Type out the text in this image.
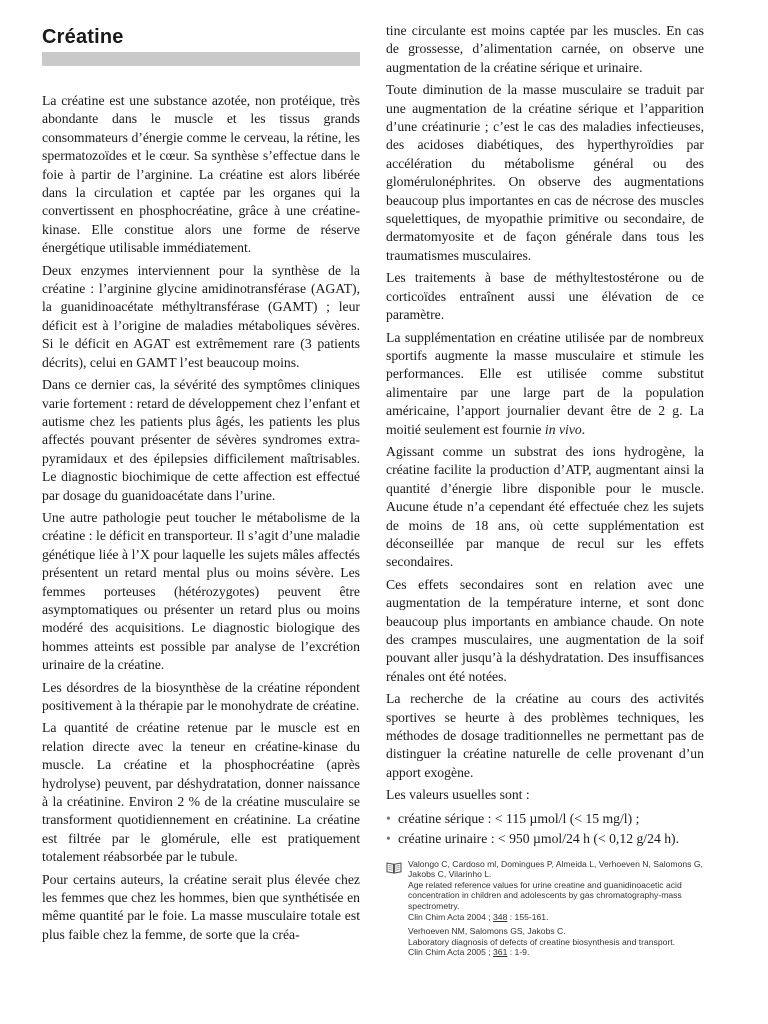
Créatine

La créatine est une substance azotée, non protéique, très abondante dans le muscle et les tissus grands consommateurs d’énergie comme le cerveau, la rétine, les spermatozoïdes et le cœur. Sa synthèse s’effectue dans le foie à partir de l’arginine. La créatine est alors libérée dans la circulation et captée par les organes qui la convertissent en phosphocréatine, grâce à une créatine-kinase. Elle constitue alors une forme de réserve énergétique utilisable immédiatement.

Deux enzymes interviennent pour la synthèse de la créatine : l’arginine glycine amidinotransférase (AGAT), la guanidinoacétate méthyltransférase (GAMT) ; leur déficit est à l’origine de maladies métaboliques sévères. Si le déficit en AGAT est extrêmement rare (3 patients décrits), celui en GAMT l’est beaucoup moins.

Dans ce dernier cas, la sévérité des symptômes cliniques varie fortement : retard de développement chez l’enfant et autisme chez les patients plus âgés, les patients les plus affectés pouvant présenter de sévères syndromes extra-pyramidaux et des épilepsies difficilement maîtrisables. Le diagnostic biochimique de cette affection est effectué par dosage du guanidoacétate dans l’urine.

Une autre pathologie peut toucher le métabolisme de la créatine : le déficit en transporteur. Il s’agit d’une maladie génétique liée à l’X pour laquelle les sujets mâles affectés présentent un retard mental plus ou moins sévère. Les femmes porteuses (hétérozygotes) peuvent être asymptomatiques ou présenter un retard plus ou moins modéré des acquisitions. Le diagnostic biologique des hommes atteints est possible par analyse de l’excrétion urinaire de la créatine.

Les désordres de la biosynthèse de la créatine répondent positivement à la thérapie par le monohydrate de créatine.

La quantité de créatine retenue par le muscle est en relation directe avec la teneur en créatine-kinase du muscle. La créatine et la phosphocréatine (après hydrolyse) peuvent, par déshydratation, donner naissance à la créatinine. Environ 2 % de la créatine musculaire se transforment quotidiennement en créatinine. La créatine est filtrée par le glomérule, elle est pratiquement totalement réabsorbée par le tubule.

Pour certains auteurs, la créatine serait plus élevée chez les femmes que chez les hommes, bien que synthétisée en même quantité par le foie. La masse musculaire totale est plus faible chez la femme, de sorte que la créa-

tine circulante est moins captée par les muscles. En cas de grossesse, d’alimentation carnée, on observe une augmentation de la créatine sérique et urinaire.

Toute diminution de la masse musculaire se traduit par une augmentation de la créatine sérique et l’apparition d’une créatinurie ; c’est le cas des maladies infectieuses, des acidoses diabétiques, des hyperthyroïdies par accélération du métabolisme général ou des glomérulonéphrites. On observe des augmentations beaucoup plus importantes en cas de nécrose des muscles squelettiques, de myopathie primitive ou secondaire, de dermatomyosite et de façon générale dans tous les traumatismes musculaires.

Les traitements à base de méthyltestostérone ou de corticoïdes entraînent aussi une élévation de ce paramètre.

La supplémentation en créatine utilisée par de nombreux sportifs augmente la masse musculaire et stimule les performances. Elle est utilisée comme substitut alimentaire par une large part de la population américaine, l’apport journalier devant être de 2 g. La moitié seulement est fournie in vivo.

Agissant comme un substrat des ions hydrogène, la créatine facilite la production d’ATP, augmentant ainsi la quantité d’énergie libre disponible pour le muscle. Aucune étude n’a cependant été effectuée chez les sujets de moins de 18 ans, où cette supplémentation est déconseillée par manque de recul sur les effets secondaires.

Ces effets secondaires sont en relation avec une augmentation de la température interne, et sont donc beaucoup plus importants en ambiance chaude. On note des crampes musculaires, une augmentation de la soif pouvant aller jusqu’à la déshydratation. Des insuffisances rénales ont été notées.

La recherche de la créatine au cours des activités sportives se heurte à des problèmes techniques, les méthodes de dosage traditionnelles ne permettant pas de distinguer la créatine naturelle de celle provenant d’un apport exogène.

Les valeurs usuelles sont :

• créatine sérique : < 115 µmol/l (< 15 mg/l) ;
• créatine urinaire : < 950 µmol/24 h (< 0,12 g/24 h).
Valongo C, Cardoso ml, Domingues P, Almeida L, Verhoeven N, Salomons G, Jakobs C, Vilarinho L.
Age related reference values for urine creatine and guanidinoacetic acid concentration in children and adolescents by gas chromatography-mass spectrometry.
Clin Chim Acta 2004 ; 348 : 155-161.
Verhoeven NM, Salomons GS, Jakobs C.
Laboratory diagnosis of defects of creatine biosynthesis and transport.
Clin Chim Acta 2005 ; 361 : 1-9.
